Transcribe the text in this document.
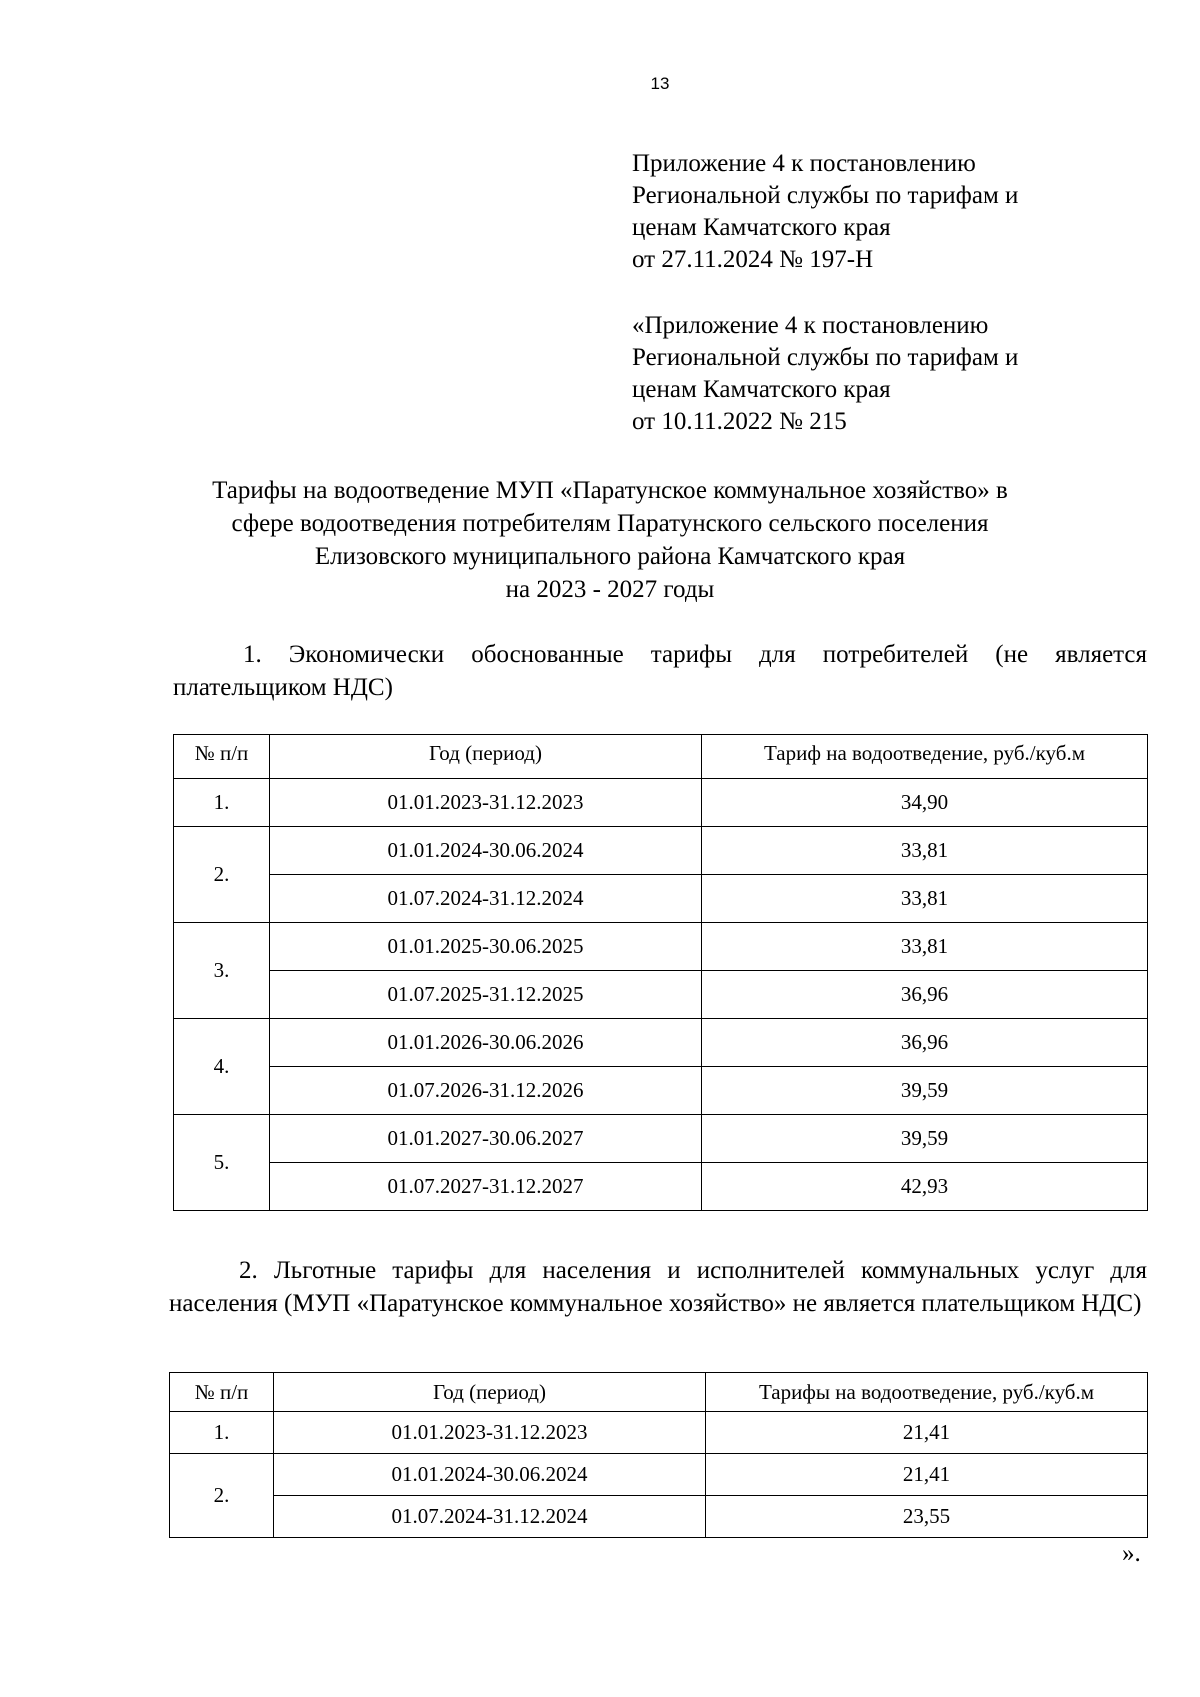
13
Приложение 4 к постановлению
Региональной службы по тарифам и
ценам Камчатского края
от 27.11.2024 № 197-Н
«Приложение 4 к постановлению
Региональной службы по тарифам и
ценам Камчатского края
от 10.11.2022 № 215
Тарифы на водоотведение МУП «Паратунское коммунальное хозяйство» в
сфере водоотведения потребителям Паратунского сельского поселения
Елизовского муниципального района Камчатского края
на 2023 - 2027 годы
1. Экономически обоснованные тарифы для потребителей (не является плательщиком НДС)
№ п/п	Год (период)	Тариф на водоотведение, руб./куб.м
1.	01.01.2023-31.12.2023	34,90
2.	01.01.2024-30.06.2024	33,81
	01.07.2024-31.12.2024	33,81
3.	01.01.2025-30.06.2025	33,81
	01.07.2025-31.12.2025	36,96
4.	01.01.2026-30.06.2026	36,96
	01.07.2026-31.12.2026	39,59
5.	01.01.2027-30.06.2027	39,59
	01.07.2027-31.12.2027	42,93
2. Льготные тарифы для населения и исполнителей коммунальных услуг для населения (МУП «Паратунское коммунальное хозяйство» не является плательщиком НДС)
№ п/п	Год (период)	Тарифы на водоотведение, руб./куб.м
1.	01.01.2023-31.12.2023	21,41
2.	01.01.2024-30.06.2024	21,41
	01.07.2024-31.12.2024	23,55
».
